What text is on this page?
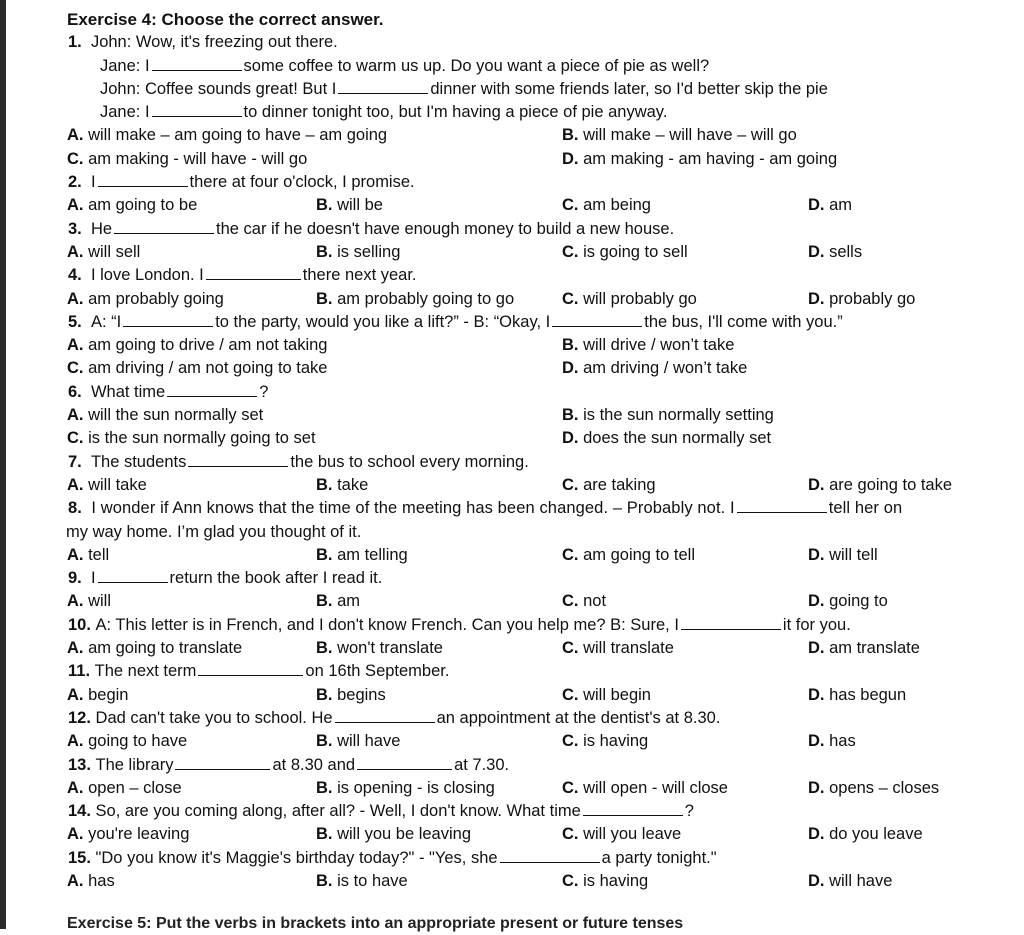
Exercise 4: Choose the correct answer.
1. John: Wow, it's freezing out there.
Jane: I	some coffee to warm us up. Do you want a piece of pie as well?
John: Coffee sounds great! But I	dinner with some friends later, so I'd better skip the pie
Jane: I	to dinner tonight too, but I'm having a piece of pie anyway.
A. will make – am going to have – am going	B. will make – will have – will go
C. am making - will have - will go	D. am making - am having - am going
2. I	there at four o'clock, I promise.
A. am going to be	B. will be	C. am being	D. am
3. He	the car if he doesn't have enough money to build a new house.
A. will sell	B. is selling	C. is going to sell	D. sells
4. I love London. I	there next year.
A. am probably going	B. am probably going to go	C. will probably go	D. probably go
5. A: “I	to the party, would you like a lift?” - B: “Okay, I	the bus, I'll come with you.”
A. am going to drive / am not taking	B. will drive / won’t take
C. am driving / am not going to take	D. am driving / won’t take
6. What time	?
A. will the sun normally set	B. is the sun normally setting
C. is the sun normally going to set	D. does the sun normally set
7. The students	the bus to school every morning.
A. will take	B. take	C. are taking	D. are going to take
8. I wonder if Ann knows that the time of the meeting has been changed. – Probably not. I	tell her on
my way home. I’m glad you thought of it.
A. tell	B. am telling	C. am going to tell	D. will tell
9. I	return the book after I read it.
A. will	B. am	C. not	D. going to
10. A: This letter is in French, and I don't know French. Can you help me? B: Sure, I	it for you.
A. am going to translate	B. won't translate	C. will translate	D. am translate
11. The next term	on 16th September.
A. begin	B. begins	C. will begin	D. has begun
12. Dad can't take you to school. He	an appointment at the dentist's at 8.30.
A. going to have	B. will have	C. is having	D. has
13. The library	at 8.30 and	at 7.30.
A. open – close	B. is opening - is closing	C. will open - will close	D. opens – closes
14. So, are you coming along, after all? - Well, I don't know. What time	?
A. you're leaving	B. will you be leaving	C. will you leave	D. do you leave
15. "Do you know it's Maggie's birthday today?" - "Yes, she	a party tonight."
A. has	B. is to have	C. is having	D. will have
Exercise 5: Put the verbs in brackets into an appropriate present or future tenses
